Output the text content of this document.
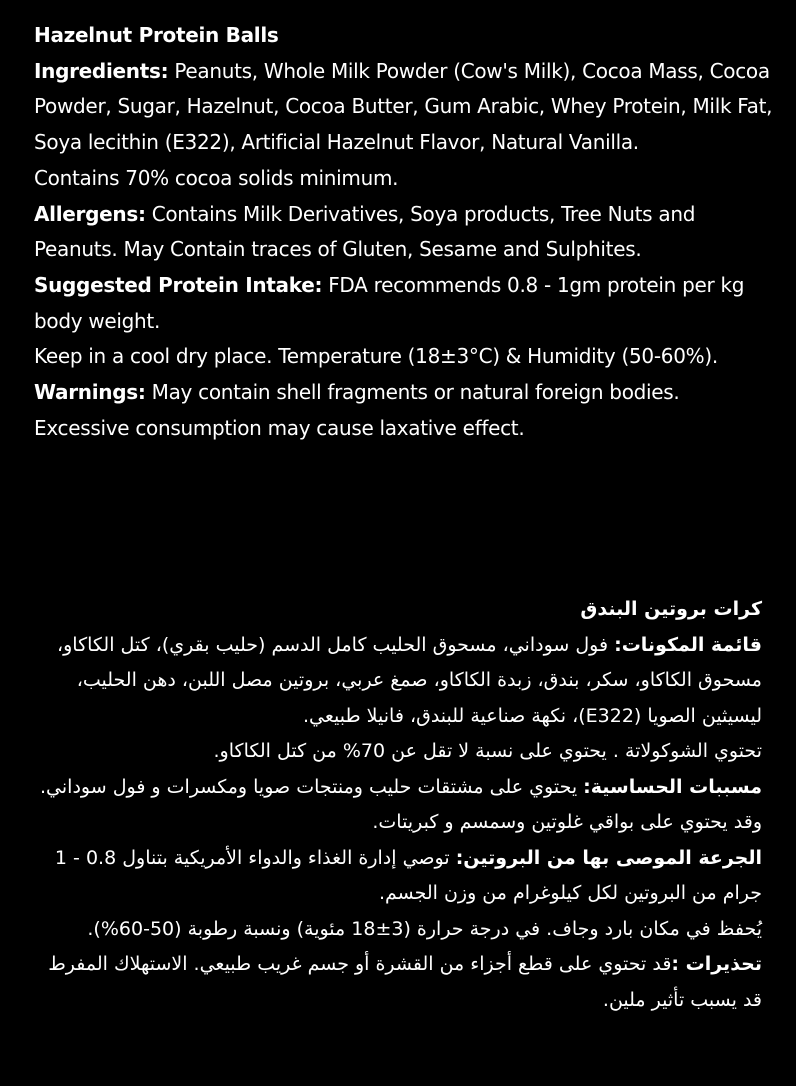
Hazelnut Protein Balls

Ingredients: Peanuts, Whole Milk Powder (Cow's Milk), Cocoa Mass, Cocoa Powder, Sugar, Hazelnut, Cocoa Butter, Gum Arabic, Whey Protein, Milk Fat, Soya lecithin (E322), Artificial Hazelnut Flavor, Natural Vanilla.

Contains 70% cocoa solids minimum.

Allergens: Contains Milk Derivatives, Soya products, Tree Nuts and Peanuts. May Contain traces of Gluten, Sesame and Sulphites.

Suggested Protein Intake: FDA recommends 0.8 - 1gm protein per kg body weight.

Keep in a cool dry place. Temperature (18±3°C) & Humidity (50-60%).

Warnings: May contain shell fragments or natural foreign bodies. Excessive consumption may cause laxative effect.

كرات بروتين البندق

قائمة المكونات: فول سوداني، مسحوق الحليب كامل الدسم (حليب بقري)، كتل الكاكاو، مسحوق الكاكاو، سكر، بندق، زبدة الكاكاو، صمغ عربي، بروتين مصل اللبن، دهن الحليب، ليسيثين الصويا (E322)، نكهة صناعية للبندق، فانيلا طبيعي.

تحتوي الشوكولاتة . يحتوي على نسبة لا تقل عن 70% من كتل الكاكاو.

مسببات الحساسية: يحتوي على مشتقات حليب ومنتجات صويا ومكسرات و فول سوداني. وقد يحتوي على بواقي غلوتين وسمسم و كبريتات.

الجرعة الموصى بها من البروتين: توصي إدارة الغذاء والدواء الأمريكية بتناول 0.8 - 1 جرام من البروتين لكل كيلوغرام من وزن الجسم.

يُحفظ في مكان بارد وجاف. في درجة حرارة (3±18 مئوية) ونسبة رطوبة (50-60%).

تحذيرات :قد تحتوي على قطع أجزاء من القشرة أو جسم غريب طبيعي. الاستهلاك المفرط قد يسبب تأثير ملين.
